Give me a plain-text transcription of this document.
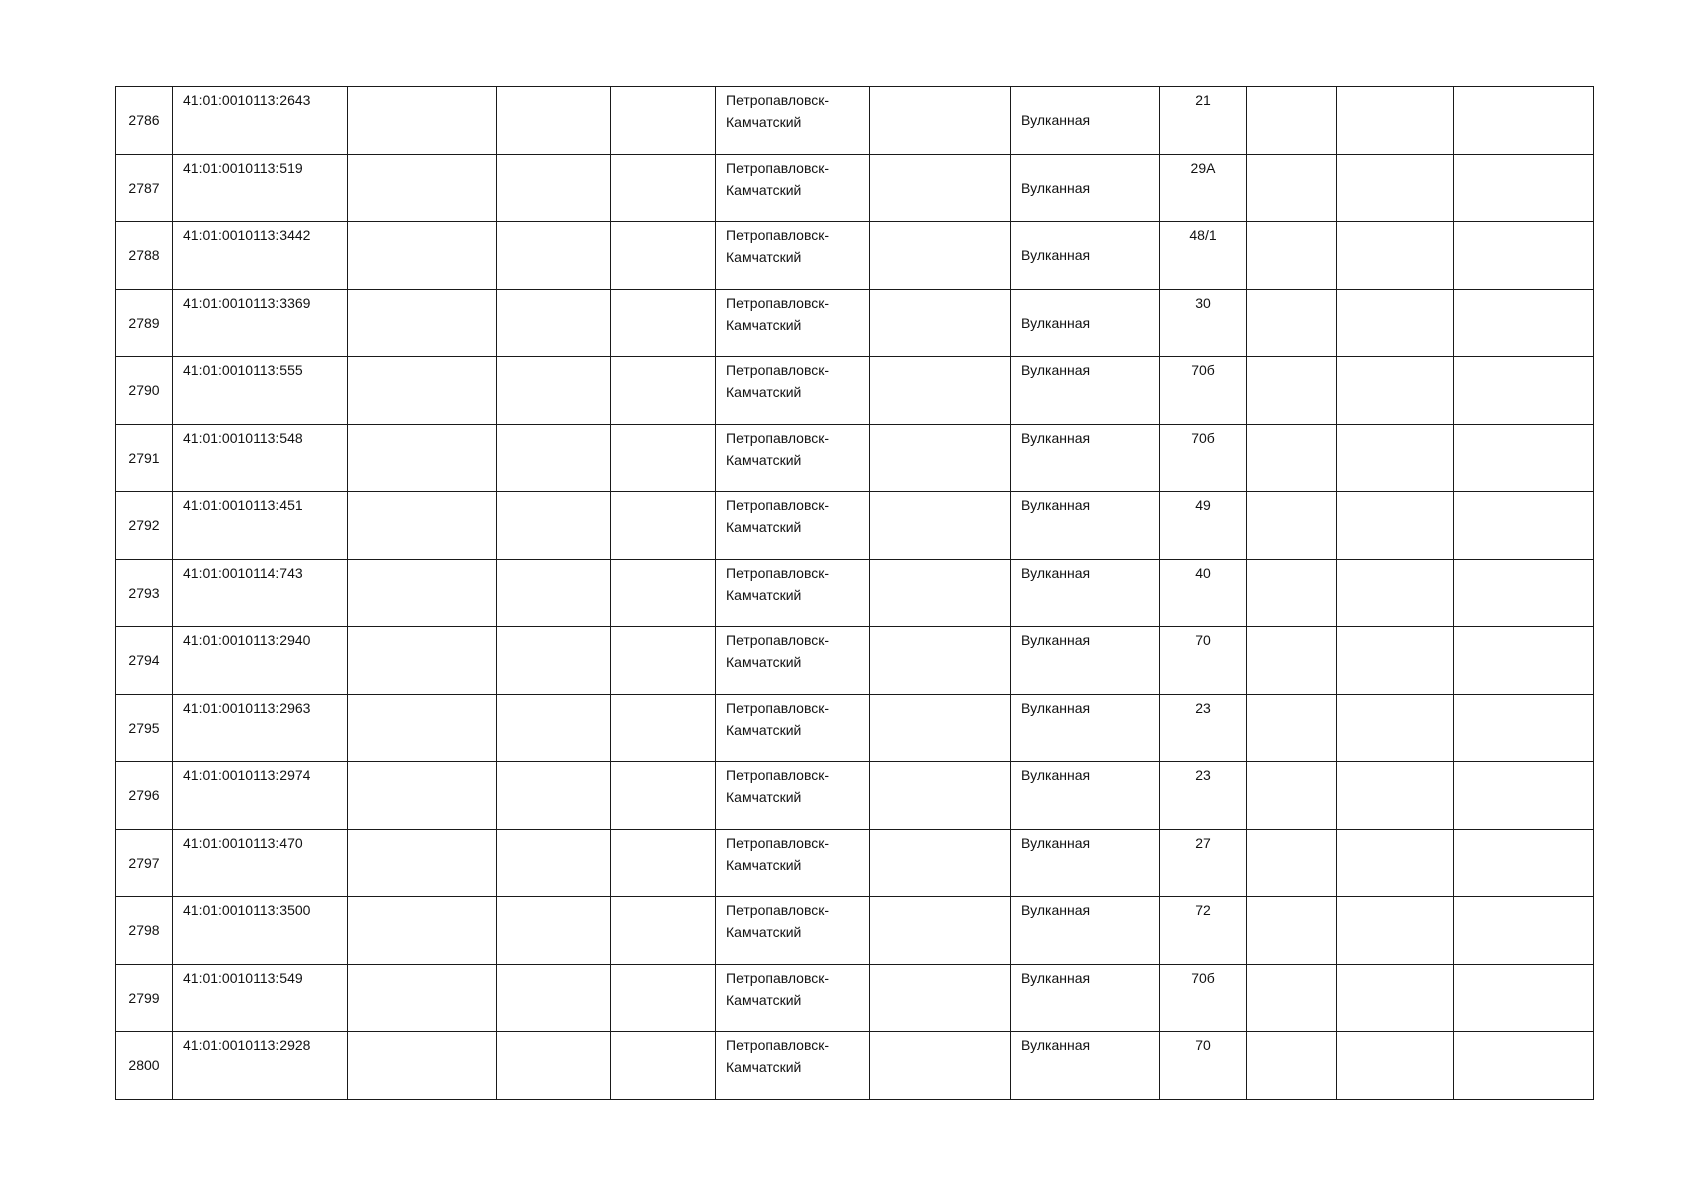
2786	41:01:0010113:2643				Петропавловск-
Камчатский		Вулканная	21			
2787	41:01:0010113:519				Петропавловск-
Камчатский		Вулканная	29А			
2788	41:01:0010113:3442				Петропавловск-
Камчатский		Вулканная	48/1			
2789	41:01:0010113:3369				Петропавловск-
Камчатский		Вулканная	30			
2790	41:01:0010113:555				Петропавловск-
Камчатский		Вулканная	70б			
2791	41:01:0010113:548				Петропавловск-
Камчатский		Вулканная	70б			
2792	41:01:0010113:451				Петропавловск-
Камчатский		Вулканная	49			
2793	41:01:0010114:743				Петропавловск-
Камчатский		Вулканная	40			
2794	41:01:0010113:2940				Петропавловск-
Камчатский		Вулканная	70			
2795	41:01:0010113:2963				Петропавловск-
Камчатский		Вулканная	23			
2796	41:01:0010113:2974				Петропавловск-
Камчатский		Вулканная	23			
2797	41:01:0010113:470				Петропавловск-
Камчатский		Вулканная	27			
2798	41:01:0010113:3500				Петропавловск-
Камчатский		Вулканная	72			
2799	41:01:0010113:549				Петропавловск-
Камчатский		Вулканная	70б			
2800	41:01:0010113:2928				Петропавловск-
Камчатский		Вулканная	70			
